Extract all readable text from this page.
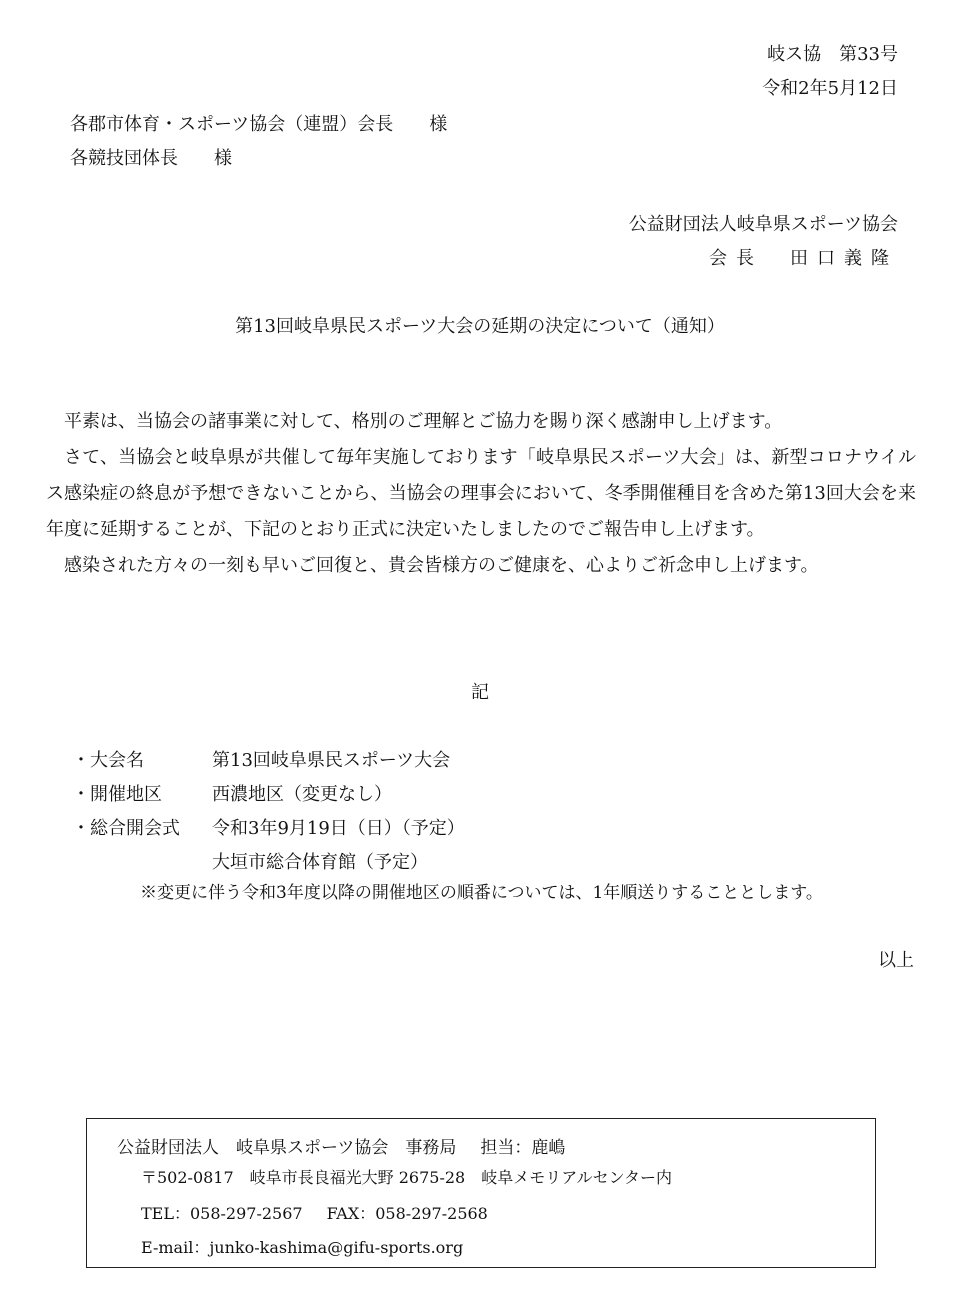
岐ス協　第33号
令和2年5月12日
各郡市体育・スポーツ協会（連盟）会長　　様
各競技団体長　　様
公益財団法人岐阜県スポーツ協会
会長　田口義隆
第13回岐阜県民スポーツ大会の延期の決定について（通知）

平素は、当協会の諸事業に対して、格別のご理解とご協力を賜り深く感謝申し上げます。

さて、当協会と岐阜県が共催して毎年実施しております「岐阜県民スポーツ大会」は、新型コロナウイルス感染症の終息が予想できないことから、当協会の理事会において、冬季開催種目を含めた第13回大会を来年度に延期することが、下記のとおり正式に決定いたしましたのでご報告申し上げます。

感染された方々の一刻も早いご回復と、貴会皆様方のご健康を、心よりご祈念申し上げます。

記
・大会名	第13回岐阜県民スポーツ大会
・開催地区	西濃地区（変更なし）
・総合開会式	令和3年9月19日（日）（予定）
大垣市総合体育館（予定）
※変更に伴う令和3年度以降の開催地区の順番については、1年順送りすることとします。
以上
公益財団法人　岐阜県スポーツ協会　事務局 担当：鹿嶋
〒502-0817　岐阜市長良福光大野 2675-28　岐阜メモリアルセンター内
TEL：058-297-2567 FAX：058-297-2568
E-mail：junko-kashima@gifu-sports.org
